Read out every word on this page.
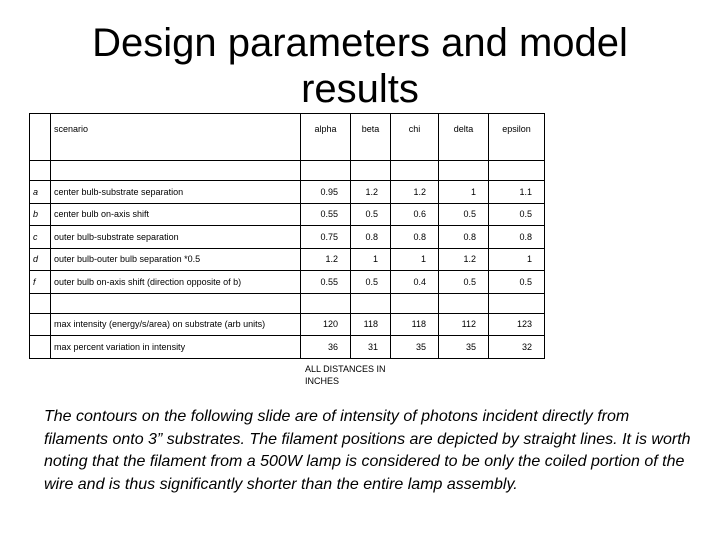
Design parameters and model results
	scenario	alpha	beta	chi	delta	epsilon

a	center bulb-substrate separation	0.95	1.2	1.2	1	1.1
b	center bulb on-axis shift	0.55	0.5	0.6	0.5	0.5
c	outer bulb-substrate separation	0.75	0.8	0.8	0.8	0.8
d	outer bulb-outer bulb separation *0.5	1.2	1	1	1.2	1
f	outer bulb on-axis shift (direction opposite of b)	0.55	0.5	0.4	0.5	0.5

	max intensity (energy/s/area) on substrate (arb units)	120	118	118	112	123
	max percent variation in intensity	36	31	35	35	32
ALL DISTANCES IN INCHES
The contours on the following slide are of intensity of photons incident directly from filaments onto 3” substrates. The filament positions are depicted by straight lines. It is worth noting that the filament from a 500W lamp is considered to be only the coiled portion of the wire and is thus significantly shorter than the entire lamp assembly.
